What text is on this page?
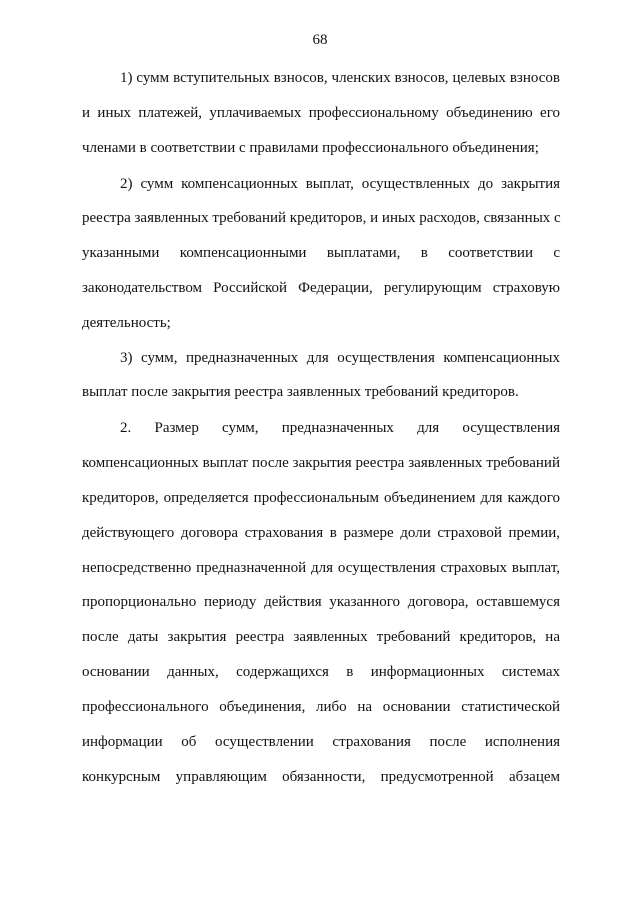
68
1) сумм вступительных взносов, членских взносов, целевых взносов
и иных платежей, уплачиваемых профессиональному объединению его
членами в соответствии с правилами профессионального объединения;
2) сумм компенсационных выплат, осуществленных до закрытия
реестра заявленных требований кредиторов, и иных расходов, связанных с
указанными компенсационными выплатами, в соответствии с
законодательством Российской Федерации, регулирующим страховую
деятельность;
3) сумм, предназначенных для осуществления компенсационных
выплат после закрытия реестра заявленных требований кредиторов.
2. Размер сумм, предназначенных для осуществления
компенсационных выплат после закрытия реестра заявленных требований
кредиторов, определяется профессиональным объединением для каждого
действующего договора страхования в размере доли страховой премии,
непосредственно предназначенной для осуществления страховых выплат,
пропорционально периоду действия указанного договора, оставшемуся
после даты закрытия реестра заявленных требований кредиторов, на
основании данных, содержащихся в информационных системах
профессионального объединения, либо на основании статистической
информации об осуществлении страхования после исполнения
конкурсным управляющим обязанности, предусмотренной абзацем
